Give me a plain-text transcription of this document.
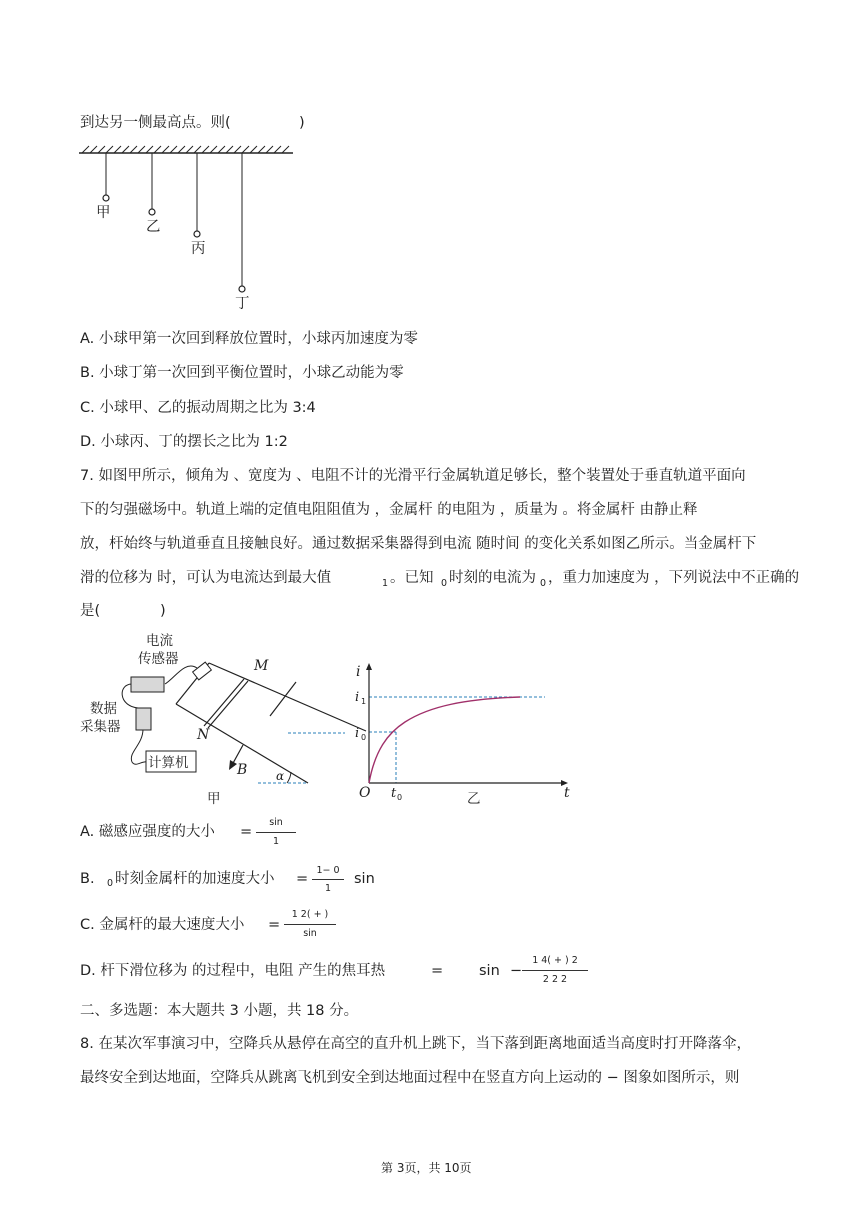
到达另一侧最高点。则(	)
甲
乙
丙
丁
A. 小球甲第一次回到释放位置时，小球丙加速度为零
B. 小球丁第一次回到平衡位置时，小球乙动能为零
C. 小球甲、乙的振动周期之比为 3:4
D. 小球丙、丁的摆长之比为 1:2
7. 如图甲所示，倾角为 、宽度为 、电阻不计的光滑平行金属轨道足够长，整个装置处于垂直轨道平面向
下的匀强磁场中。轨道上端的定值电阻阻值为 ，金属杆 的电阻为 ，质量为 。将金属杆 由静止释
放，杆始终与轨道垂直且接触良好。通过数据采集器得到电流 随时间 的变化关系如图乙所示。当金属杆下
滑的位移为 时，可认为电流达到最大值	1 。已知 0 时刻的电流为 0 ，重力加速度为 ，下列说法中不正确的
是(	)
M
N
B α
电流
传感器
数据
采集器
计算机
甲
i
i 1
i 0
O t 0	t
乙
A. 磁感应强度的大小 =
sin
1
B. 0 时刻金属杆的加速度大小 =
1− 0
1
sin
C. 金属杆的最大速度大小 =
1 2( + )
sin
D. 杆下滑位移为 的过程中，电阻 产生的焦耳热	= sin −
1 4( + ) 2
2 2 2
二、多选题：本大题共 3 小题，共 18 分。
8. 在某次军事演习中，空降兵从悬停在高空的直升机上跳下，当下落到距离地面适当高度时打开降落伞，
最终安全到达地面，空降兵从跳离飞机到安全到达地面过程中在竖直方向上运动的 − 图象如图所示，则
第 3页，共 10页
